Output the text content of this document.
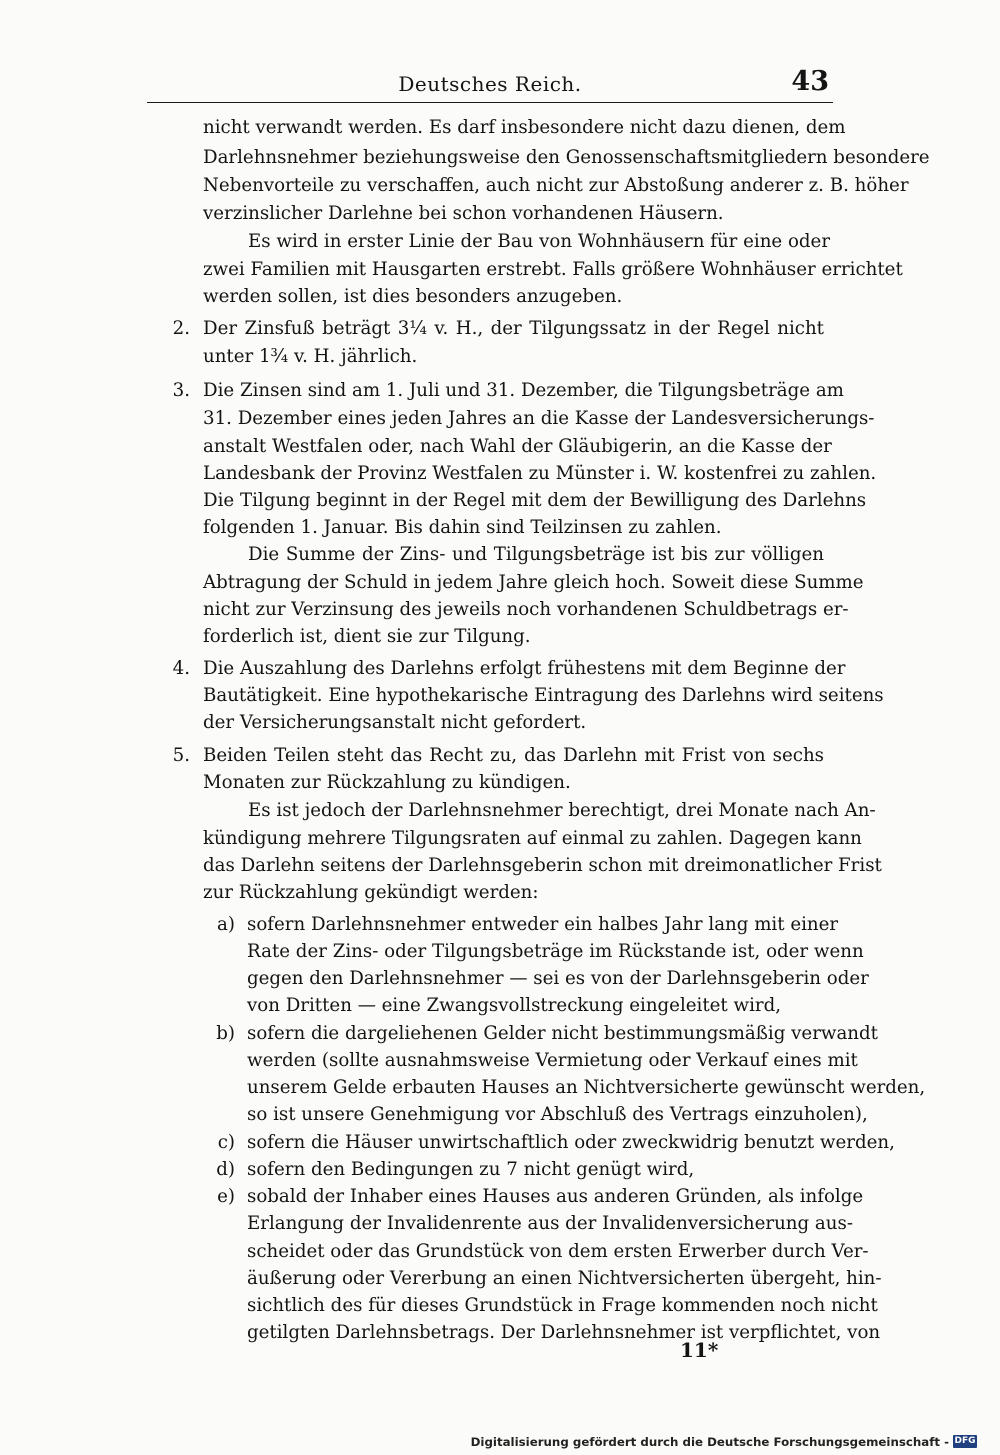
Deutsches Reich.	43
nicht verwandt werden. Es darf insbesondere nicht dazu dienen, dem
Darlehnsnehmer beziehungsweise den Genossenschaftsmitgliedern besondere
Nebenvorteile zu verschaffen, auch nicht zur Abstoßung anderer z. B. höher
verzinslicher Darlehne bei schon vorhandenen Häusern.
Es wird in erster Linie der Bau von Wohnhäusern für eine oder
zwei Familien mit Hausgarten erstrebt. Falls größere Wohnhäuser errichtet
werden sollen, ist dies besonders anzugeben.
2. Der Zinsfuß beträgt 3¼ v. H., der Tilgungssatz in der Regel nicht
unter 1¾ v. H. jährlich.
3. Die Zinsen sind am 1. Juli und 31. Dezember, die Tilgungsbeträge am
31. Dezember eines jeden Jahres an die Kasse der Landesversicherungs-
anstalt Westfalen oder, nach Wahl der Gläubigerin, an die Kasse der
Landesbank der Provinz Westfalen zu Münster i. W. kostenfrei zu zahlen.
Die Tilgung beginnt in der Regel mit dem der Bewilligung des Darlehns
folgenden 1. Januar. Bis dahin sind Teilzinsen zu zahlen.
Die Summe der Zins- und Tilgungsbeträge ist bis zur völligen
Abtragung der Schuld in jedem Jahre gleich hoch. Soweit diese Summe
nicht zur Verzinsung des jeweils noch vorhandenen Schuldbetrags er-
forderlich ist, dient sie zur Tilgung.
4. Die Auszahlung des Darlehns erfolgt frühestens mit dem Beginne der
Bautätigkeit. Eine hypothekarische Eintragung des Darlehns wird seitens
der Versicherungsanstalt nicht gefordert.
5. Beiden Teilen steht das Recht zu, das Darlehn mit Frist von sechs
Monaten zur Rückzahlung zu kündigen.
Es ist jedoch der Darlehnsnehmer berechtigt, drei Monate nach An-
kündigung mehrere Tilgungsraten auf einmal zu zahlen. Dagegen kann
das Darlehn seitens der Darlehnsgeberin schon mit dreimonatlicher Frist
zur Rückzahlung gekündigt werden:
a) sofern Darlehnsnehmer entweder ein halbes Jahr lang mit einer
Rate der Zins- oder Tilgungsbeträge im Rückstande ist, oder wenn
gegen den Darlehnsnehmer — sei es von der Darlehnsgeberin oder
von Dritten — eine Zwangsvollstreckung eingeleitet wird,
b) sofern die dargeliehenen Gelder nicht bestimmungsmäßig verwandt
werden (sollte ausnahmsweise Vermietung oder Verkauf eines mit
unserem Gelde erbauten Hauses an Nichtversicherte gewünscht werden,
so ist unsere Genehmigung vor Abschluß des Vertrags einzuholen),
c) sofern die Häuser unwirtschaftlich oder zweckwidrig benutzt werden,
d) sofern den Bedingungen zu 7 nicht genügt wird,
e) sobald der Inhaber eines Hauses aus anderen Gründen, als infolge
Erlangung der Invalidenrente aus der Invalidenversicherung aus-
scheidet oder das Grundstück von dem ersten Erwerber durch Ver-
äußerung oder Vererbung an einen Nichtversicherten übergeht, hin-
sichtlich des für dieses Grundstück in Frage kommenden noch nicht
getilgten Darlehnsbetrags. Der Darlehnsnehmer ist verpflichtet, von
11*
Digitalisierung gefördert durch die Deutsche Forschungsgemeinschaft - DFG
